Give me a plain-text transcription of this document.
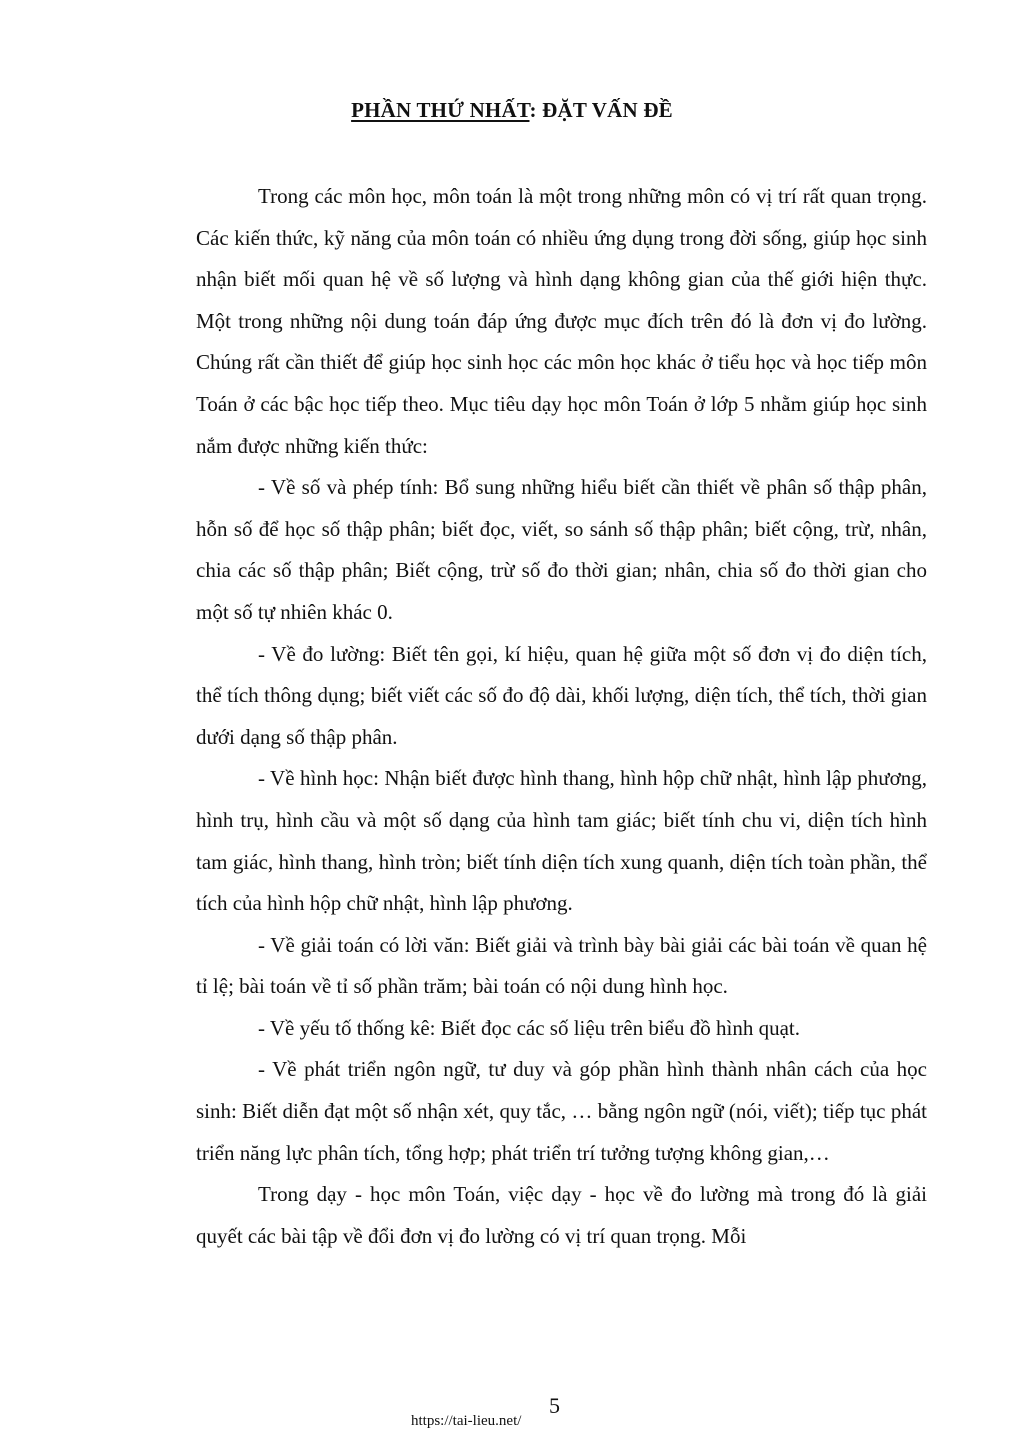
PHẦN THỨ NHẤT: ĐẶT VẤN ĐỀ

Trong các môn học, môn toán là một trong những môn có vị trí rất quan trọng. Các kiến thức, kỹ năng của môn toán có nhiều ứng dụng trong đời sống, giúp học sinh nhận biết mối quan hệ về số lượng và hình dạng không gian của thế giới hiện thực. Một trong những nội dung toán đáp ứng được mục đích trên đó là đơn vị đo lường. Chúng rất cần thiết để giúp học sinh học các môn học khác ở tiểu học và học tiếp môn Toán ở các bậc học tiếp theo. Mục tiêu dạy học môn Toán ở lớp 5 nhằm giúp học sinh nắm được những kiến thức:

- Về số và phép tính: Bổ sung những hiểu biết cần thiết về phân số thập phân, hỗn số để học số thập phân; biết đọc, viết, so sánh số thập phân; biết cộng, trừ, nhân, chia các số thập phân; Biết cộng, trừ số đo thời gian; nhân, chia số đo thời gian cho một số tự nhiên khác 0.

- Về đo lường: Biết tên gọi, kí hiệu, quan hệ giữa một số đơn vị đo diện tích, thể tích thông dụng; biết viết các số đo độ dài, khối lượng, diện tích, thể tích, thời gian dưới dạng số thập phân.

- Về hình học: Nhận biết được hình thang, hình hộp chữ nhật, hình lập phương, hình trụ, hình cầu và một số dạng của hình tam giác; biết tính chu vi, diện tích hình tam giác, hình thang, hình tròn; biết tính diện tích xung quanh, diện tích toàn phần, thể tích của hình hộp chữ nhật, hình lập phương.

- Về giải toán có lời văn: Biết giải và trình bày bài giải các bài toán về quan hệ tỉ lệ; bài toán về tỉ số phần trăm; bài toán có nội dung hình học.

- Về yếu tố thống kê: Biết đọc các số liệu trên biểu đồ hình quạt.

- Về phát triển ngôn ngữ, tư duy và góp phần hình thành nhân cách của học sinh: Biết diễn đạt một số nhận xét, quy tắc, … bằng ngôn ngữ (nói, viết); tiếp tục phát triển năng lực phân tích, tổng hợp; phát triển trí tưởng tượng không gian,…

Trong dạy - học môn Toán, việc dạy - học về đo lường mà trong đó là giải quyết các bài tập về đổi đơn vị đo lường có vị trí quan trọng. Mỗi

5
https://tai-lieu.net/
